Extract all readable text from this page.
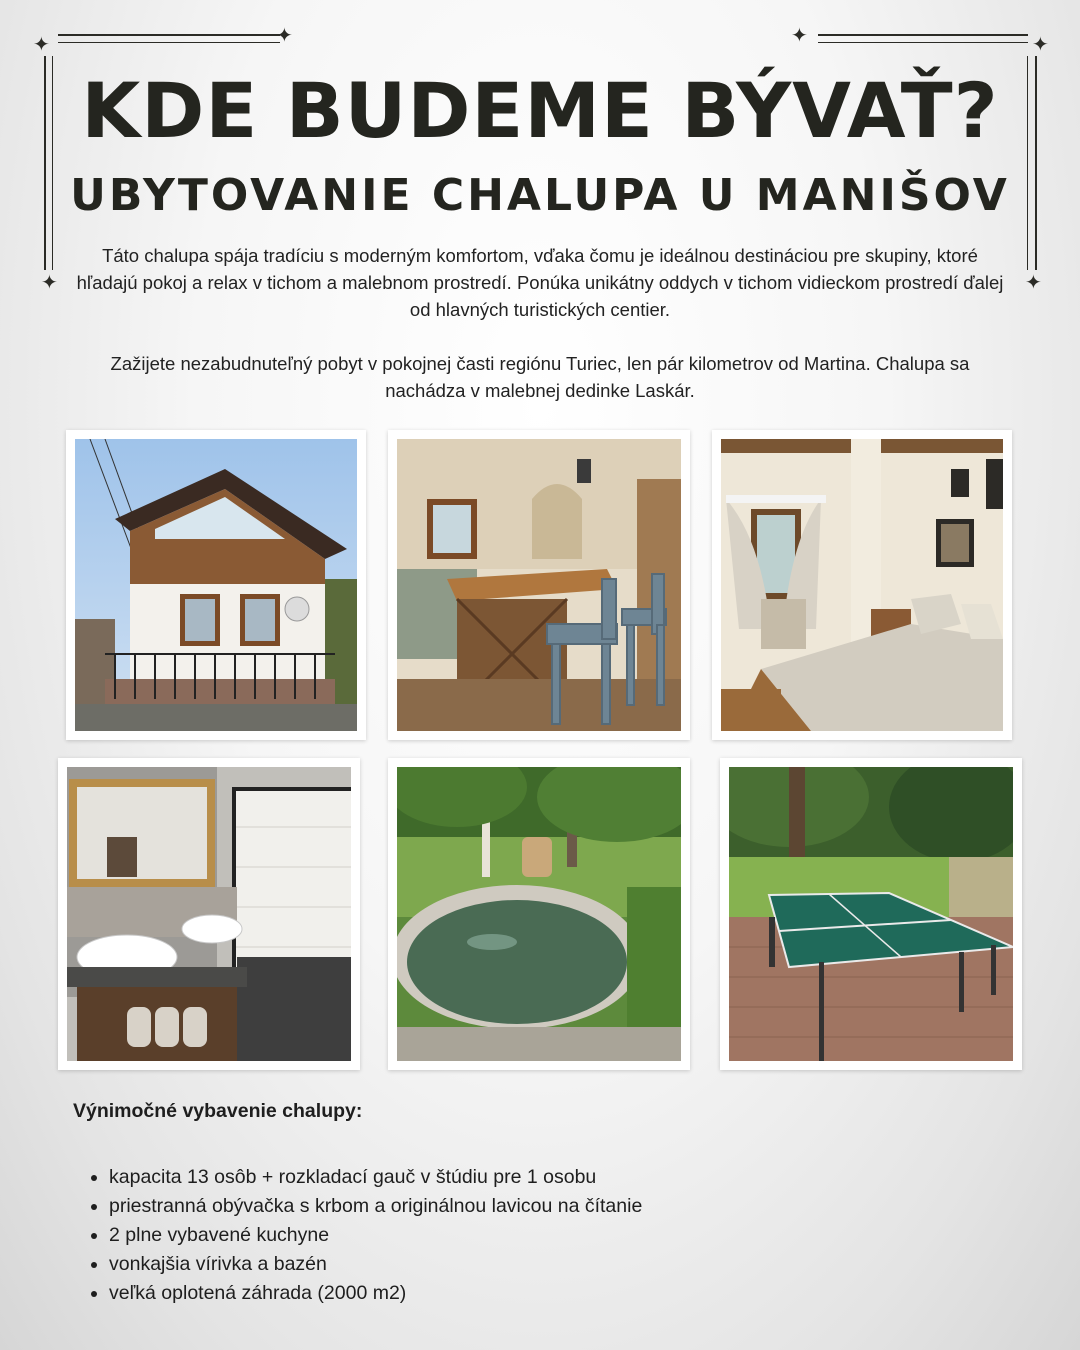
✦	✦	✦	✦
✦	✦
KDE BUDEME BÝVAŤ?
UBYTOVANIE CHALUPA U MANIŠOV

Táto chalupa spája tradíciu s moderným komfortom, vďaka čomu je ideálnou destináciou pre skupiny, ktoré hľadajú pokoj a relax v tichom a malebnom prostredí. Ponúka unikátny oddych v tichom vidieckom prostredí ďalej od hlavných turistických centier.

Zažijete nezabudnuteľný pobyt v pokojnej časti regiónu Turiec, len pár kilometrov od Martina. Chalupa sa nachádza v malebnej dedinke Laskár.

Výnimočné vybavenie chalupy:
• kapacita 13 osôb + rozkladací gauč v štúdiu pre 1 osobu
• priestranná obývačka s krbom a originálnou lavicou na čítanie
• 2 plne vybavené kuchyne
• vonkajšia vírivka a bazén
• veľká oplotená záhrada (2000 m2)
